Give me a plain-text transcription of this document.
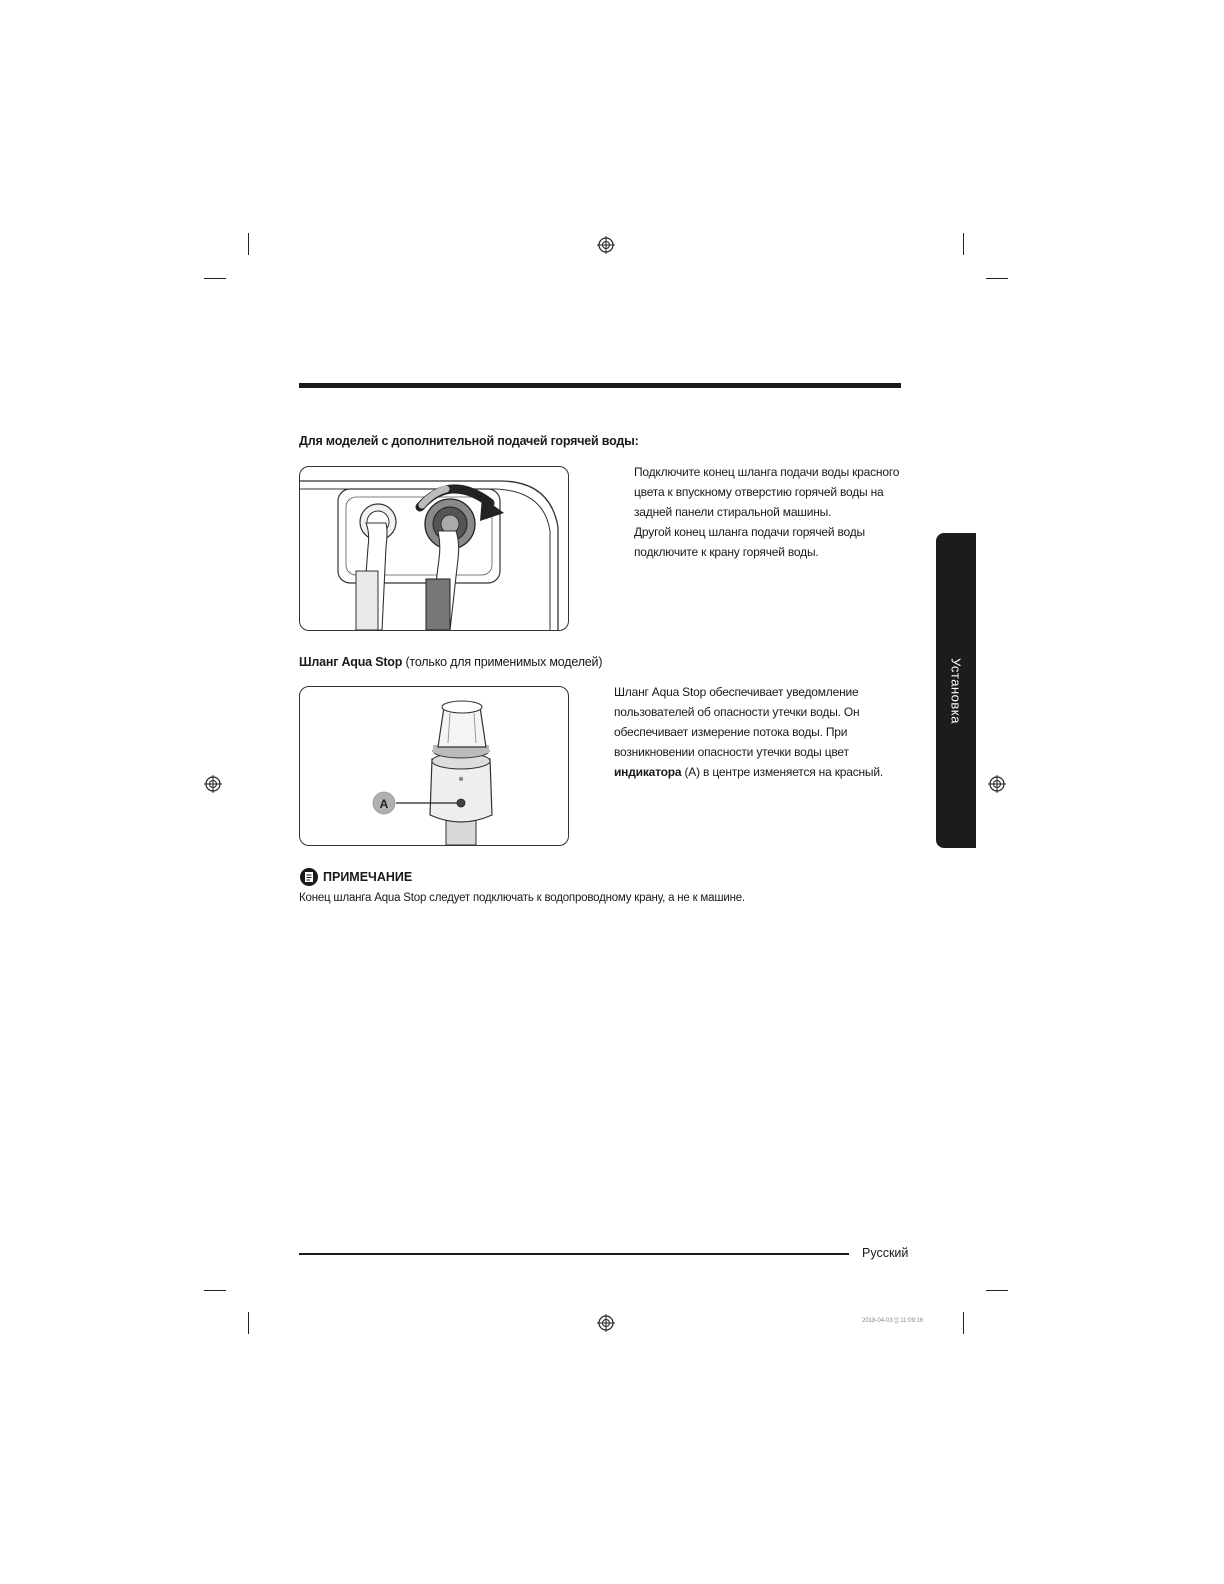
Для моделей с дополнительной подачей горячей воды:

Подключите конец шланга подачи воды красного

цвета к впускному отверстию горячей воды на

задней панели стиральной машины.

Другой конец шланга подачи горячей воды

подключите к крану горячей воды.

Шланг Aqua Stop (только для применимых моделей)
✻
A

Шланг Aqua Stop обеспечивает уведомление

пользователей об опасности утечки воды. Он

обеспечивает измерение потока воды. При

возникновении опасности утечки воды цвет

индикатора (A) в центре изменяется на красный.

Установка
ПРИМЕЧАНИЕ
Конец шланга Aqua Stop следует подключать к водопроводному крану, а не к машине.
Русский
2018-04-03 ▒ 11:09:16
